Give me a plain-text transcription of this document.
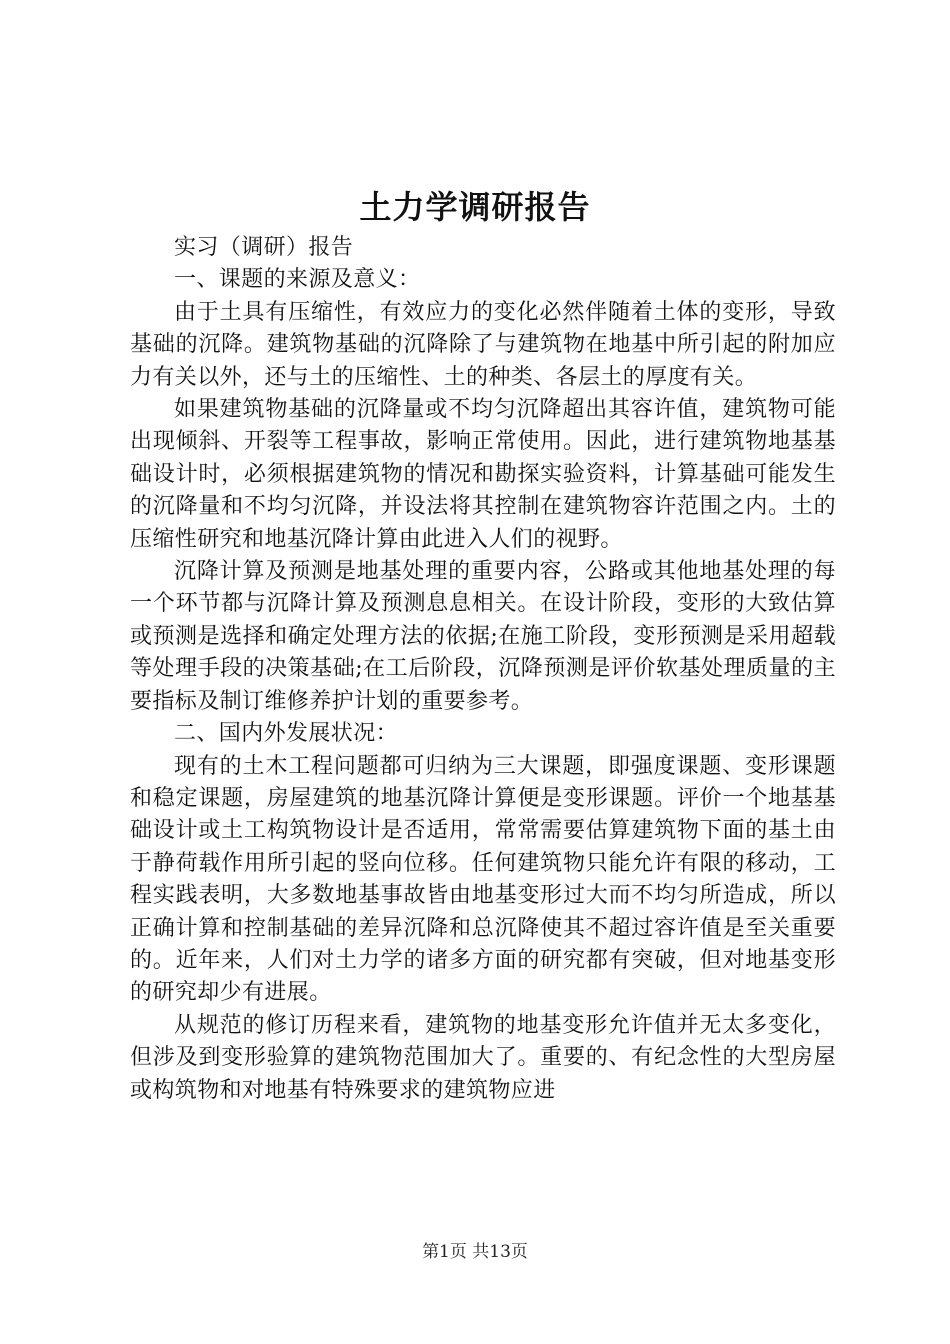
土力学调研报告

实习（调研）报告

一、课题的来源及意义：

由于土具有压缩性，有效应力的变化必然伴随着土体的变形，导致基础的沉降。建筑物基础的沉降除了与建筑物在地基中所引起的附加应力有关以外，还与土的压缩性、土的种类、各层土的厚度有关。

如果建筑物基础的沉降量或不均匀沉降超出其容许值，建筑物可能出现倾斜、开裂等工程事故，影响正常使用。因此，进行建筑物地基基础设计时，必须根据建筑物的情况和勘探实验资料，计算基础可能发生的沉降量和不均匀沉降，并设法将其控制在建筑物容许范围之内。土的压缩性研究和地基沉降计算由此进入人们的视野。

沉降计算及预测是地基处理的重要内容，公路或其他地基处理的每一个环节都与沉降计算及预测息息相关。在设计阶段，变形的大致估算或预测是选择和确定处理方法的依据;在施工阶段，变形预测是采用超载等处理手段的决策基础;在工后阶段，沉降预测是评价软基处理质量的主要指标及制订维修养护计划的重要参考。

二、国内外发展状况：

现有的土木工程问题都可归纳为三大课题，即强度课题、变形课题和稳定课题，房屋建筑的地基沉降计算便是变形课题。评价一个地基基础设计或土工构筑物设计是否适用，常常需要估算建筑物下面的基土由于静荷载作用所引起的竖向位移。任何建筑物只能允许有限的移动，工程实践表明，大多数地基事故皆由地基变形过大而不均匀所造成，所以正确计算和控制基础的差异沉降和总沉降使其不超过容许值是至关重要的。近年来，人们对土力学的诸多方面的研究都有突破，但对地基变形的研究却少有进展。

从规范的修订历程来看，建筑物的地基变形允许值并无太多变化，但涉及到变形验算的建筑物范围加大了。重要的、有纪念性的大型房屋或构筑物和对地基有特殊要求的建筑物应进

第1页 共13页
